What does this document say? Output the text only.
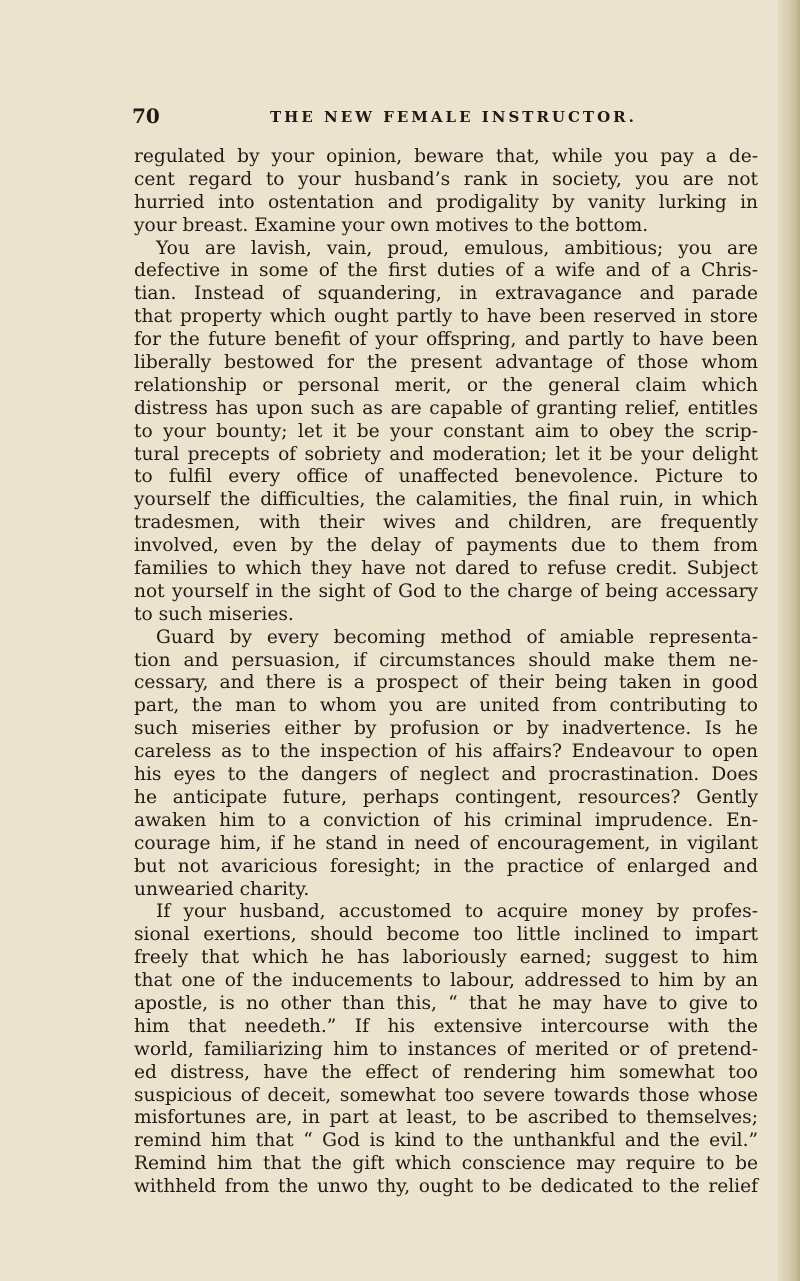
70	THE NEW FEMALE INSTRUCTOR.
regulated by your opinion, beware that, while you pay a de-
cent regard to your husband’s rank in society, you are not
hurried into ostentation and prodigality by vanity lurking in
your breast. Examine your own motives to the bottom.
You are lavish, vain, proud, emulous, ambitious; you are
defective in some of the first duties of a wife and of a Chris-
tian. Instead of squandering, in extravagance and parade
that property which ought partly to have been reserved in store
for the future benefit of your offspring, and partly to have been
liberally bestowed for the present advantage of those whom
relationship or personal merit, or the general claim which
distress has upon such as are capable of granting relief, entitles
to your bounty; let it be your constant aim to obey the scrip-
tural precepts of sobriety and moderation; let it be your delight
to fulfil every office of unaffected benevolence. Picture to
yourself the difficulties, the calamities, the final ruin, in which
tradesmen, with their wives and children, are frequently
involved, even by the delay of payments due to them from
families to which they have not dared to refuse credit. Subject
not yourself in the sight of God to the charge of being accessary
to such miseries.
Guard by every becoming method of amiable representa-
tion and persuasion, if circumstances should make them ne-
cessary, and there is a prospect of their being taken in good
part, the man to whom you are united from contributing to
such miseries either by profusion or by inadvertence. Is he
careless as to the inspection of his affairs? Endeavour to open
his eyes to the dangers of neglect and procrastination. Does
he anticipate future, perhaps contingent, resources? Gently
awaken him to a conviction of his criminal imprudence. En-
courage him, if he stand in need of encouragement, in vigilant
but not avaricious foresight; in the practice of enlarged and
unwearied charity.
If your husband, accustomed to acquire money by profes-
sional exertions, should become too little inclined to impart
freely that which he has laboriously earned; suggest to him
that one of the inducements to labour, addressed to him by an
apostle, is no other than this, “ that he may have to give to
him that needeth.” If his extensive intercourse with the
world, familiarizing him to instances of merited or of pretend-
ed distress, have the effect of rendering him somewhat too
suspicious of deceit, somewhat too severe towards those whose
misfortunes are, in part at least, to be ascribed to themselves;
remind him that “ God is kind to the unthankful and the evil.”
Remind him that the gift which conscience may require to be
withheld from the unwo thy, ought to be dedicated to the relief
